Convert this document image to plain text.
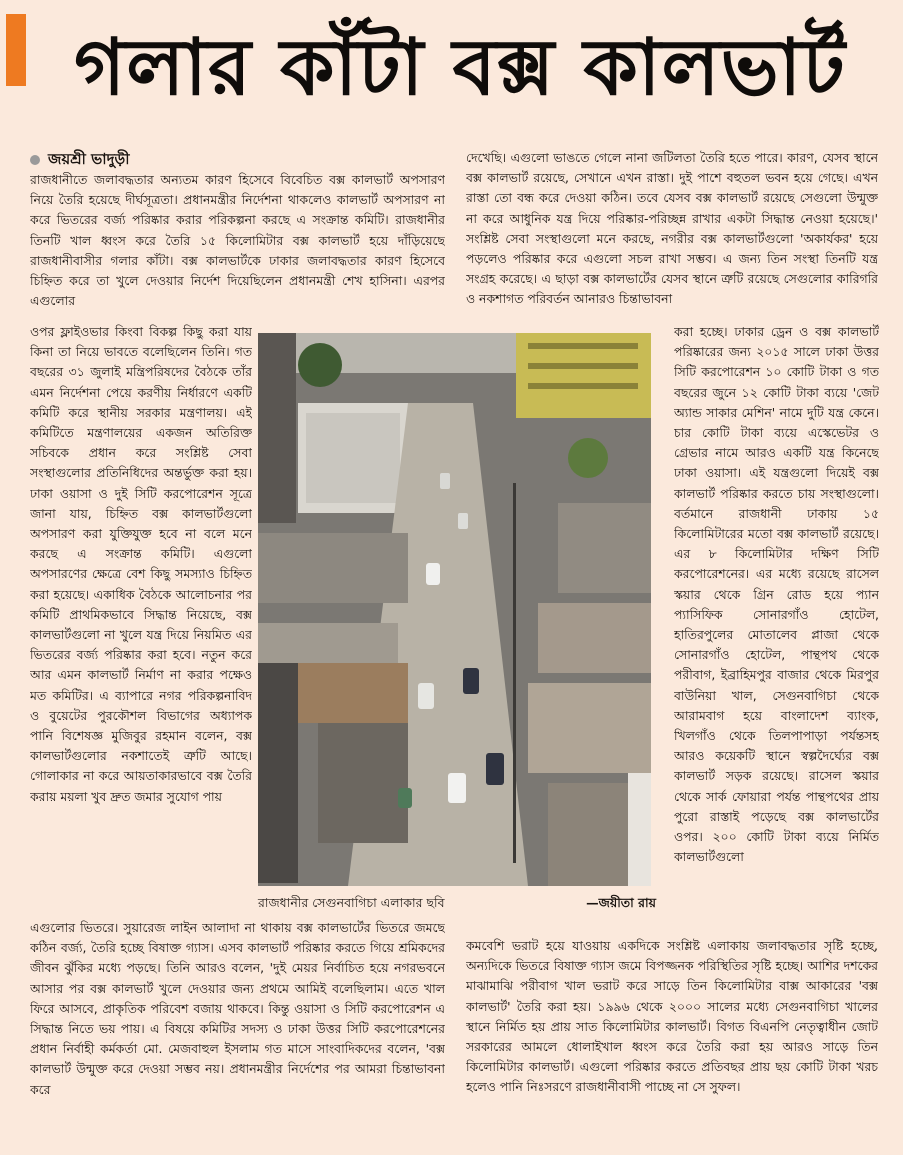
গলার কাঁটা বক্স কালভার্ট
জয়শ্রী ভাদুড়ী

রাজধানীতে জলাবদ্ধতার অন্যতম কারণ হিসেবে বিবেচিত বক্স কালভার্ট অপসারণ নিয়ে তৈরি হয়েছে দীর্ঘসূত্রতা। প্রধানমন্ত্রীর নির্দেশনা থাকলেও কালভার্ট অপসারণ না করে ভিতরের বর্জ্য পরিষ্কার করার পরিকল্পনা করছে এ সংক্রান্ত কমিটি। রাজধানীর তিনটি খাল ধ্বংস করে তৈরি ১৫ কিলোমিটার বক্স কালভার্ট হয়ে দাঁড়িয়েছে রাজধানীবাসীর গলার কাঁটা। বক্স কালভার্টকে ঢাকার জলাবদ্ধতার কারণ হিসেবে চিহ্নিত করে তা খুলে দেওয়ার নির্দেশ দিয়েছিলেন প্রধানমন্ত্রী শেখ হাসিনা। এরপর এগুলোর

ওপর ফ্লাইওভার কিংবা বিকল্প কিছু করা যায় কিনা তা নিয়ে ভাবতে বলেছিলেন তিনি। গত বছরের ৩১ জুলাই মন্ত্রিপরিষদের বৈঠকে তাঁর এমন নির্দেশনা পেয়ে করণীয় নির্ধারণে একটি কমিটি করে স্থানীয় সরকার মন্ত্রণালয়। এই কমিটিতে মন্ত্রণালয়ের একজন অতিরিক্ত সচিবকে প্রধান করে সংশ্লিষ্ট সেবা সংস্থাগুলোর প্রতিনিধিদের অন্তর্ভুক্ত করা হয়। ঢাকা ওয়াসা ও দুই সিটি করপোরেশন সূত্রে জানা যায়, চিহ্নিত বক্স কালভার্টগুলো অপসারণ করা যুক্তিযুক্ত হবে না বলে মনে করছে এ সংক্রান্ত কমিটি। এগুলো অপসারণের ক্ষেত্রে বেশ কিছু সমস্যাও চিহ্নিত করা হয়েছে। একাধিক বৈঠকে আলোচনার পর কমিটি প্রাথমিকভাবে সিদ্ধান্ত নিয়েছে, বক্স কালভার্টগুলো না খুলে যন্ত্র দিয়ে নিয়মিত এর ভিতরের বর্জ্য পরিষ্কার করা হবে। নতুন করে আর এমন কালভার্ট নির্মাণ না করার পক্ষেও মত কমিটির। এ ব্যাপারে নগর পরিকল্পনাবিদ ও বুয়েটের পুরকৌশল বিভাগের অধ্যাপক পানি বিশেষজ্ঞ মুজিবুর রহমান বলেন, বক্স কালভার্টগুলোর নকশাতেই ত্রুটি আছে। গোলাকার না করে আয়তাকারভাবে বক্স তৈরি করায় ময়লা খুব দ্রুত জমার সুযোগ পায়

এগুলোর ভিতরে। সুয়ারেজ লাইন আলাদা না থাকায় বক্স কালভার্টের ভিতরে জমছে কঠিন বর্জ্য, তৈরি হচ্ছে বিষাক্ত গ্যাস। এসব কালভার্ট পরিষ্কার করতে গিয়ে শ্রমিকদের জীবন ঝুঁকির মধ্যে পড়ছে। তিনি আরও বলেন, 'দুই মেয়র নির্বাচিত হয়ে নগরভবনে আসার পর বক্স কালভার্ট খুলে দেওয়ার জন্য প্রথমে আমিই বলেছিলাম। এতে খাল ফিরে আসবে, প্রাকৃতিক পরিবেশ বজায় থাকবে। কিন্তু ওয়াসা ও সিটি করপোরেশন এ সিদ্ধান্ত নিতে ভয় পায়। এ বিষয়ে কমিটির সদস্য ও ঢাকা উত্তর সিটি করপোরেশনের প্রধান নির্বাহী কর্মকর্তা মো. মেজবাহুল ইসলাম গত মাসে সাংবাদিকদের বলেন, 'বক্স কালভার্ট উন্মুক্ত করে দেওয়া সম্ভব নয়। প্রধানমন্ত্রীর নির্দেশের পর আমরা চিন্তাভাবনা করে

দেখেছি। এগুলো ভাঙতে গেলে নানা জটিলতা তৈরি হতে পারে। কারণ, যেসব স্থানে বক্স কালভার্ট রয়েছে, সেখানে এখন রাস্তা। দুই পাশে বহুতল ভবন হয়ে গেছে। এখন রাস্তা তো বন্ধ করে দেওয়া কঠিন। তবে যেসব বক্স কালভার্ট রয়েছে সেগুলো উন্মুক্ত না করে আধুনিক যন্ত্র দিয়ে পরিষ্কার-পরিচ্ছন্ন রাখার একটা সিদ্ধান্ত নেওয়া হয়েছে।' সংশ্লিষ্ট সেবা সংস্থাগুলো মনে করছে, নগরীর বক্স কালভার্টগুলো 'অকার্যকর' হয়ে পড়লেও পরিষ্কার করে এগুলো সচল রাখা সম্ভব। এ জন্য তিন সংস্থা তিনটি যন্ত্র সংগ্রহ করেছে। এ ছাড়া বক্স কালভার্টের যেসব স্থানে ত্রুটি রয়েছে সেগুলোর কারিগরি ও নকশাগত পরিবর্তন আনারও চিন্তাভাবনা

করা হচ্ছে। ঢাকার ড্রেন ও বক্স কালভার্ট পরিষ্কারের জন্য ২০১৫ সালে ঢাকা উত্তর সিটি করপোরেশন ১০ কোটি টাকা ও গত বছরের জুনে ১২ কোটি টাকা ব্যয়ে 'জেট অ্যান্ড সাকার মেশিন' নামে দুটি যন্ত্র কেনে। চার কোটি টাকা ব্যয়ে এস্কেভেটর ও গ্রেভার নামে আরও একটি যন্ত্র কিনেছে ঢাকা ওয়াসা। এই যন্ত্রগুলো দিয়েই বক্স কালভার্ট পরিষ্কার করতে চায় সংস্থাগুলো। বর্তমানে রাজধানী ঢাকায় ১৫ কিলোমিটারের মতো বক্স কালভার্ট রয়েছে। এর ৮ কিলোমিটার দক্ষিণ সিটি করপোরেশনের। এর মধ্যে রয়েছে রাসেল স্কয়ার থেকে গ্রিন রোড হয়ে প্যান প্যাসিফিক সোনারগাঁও হোটেল, হাতিরপুলের মোতালেব প্লাজা থেকে সোনারগাঁও হোটেল, পান্থপথ থেকে পরীবাগ, ইব্রাহিমপুর বাজার থেকে মিরপুর বাউনিয়া খাল, সেগুনবাগিচা থেকে আরামবাগ হয়ে বাংলাদেশ ব্যাংক, খিলগাঁও থেকে তিলপাপাড়া পর্যন্তসহ আরও কয়েকটি স্থানে স্বল্পদৈর্ঘ্যের বক্স কালভার্ট সড়ক রয়েছে। রাসেল স্কয়ার থেকে সার্ক ফোয়ারা পর্যন্ত পান্থপথের প্রায় পুরো রাস্তাই পড়েছে বক্স কালভার্টের ওপর। ২০০ কোটি টাকা ব্যয়ে নির্মিত কালভার্টগুলো

কমবেশি ভরাট হয়ে যাওয়ায় একদিকে সংশ্লিষ্ট এলাকায় জলাবদ্ধতার সৃষ্টি হচ্ছে, অন্যদিকে ভিতরে বিষাক্ত গ্যাস জমে বিপজ্জনক পরিস্থিতির সৃষ্টি হচ্ছে। আশির দশকের মাঝামাঝি পরীবাগ খাল ভরাট করে সাড়ে তিন কিলোমিটার বাক্স আকারের 'বক্স কালভার্ট' তৈরি করা হয়। ১৯৯৬ থেকে ২০০০ সালের মধ্যে সেগুনবাগিচা খালের স্থানে নির্মিত হয় প্রায় সাত কিলোমিটার কালভার্ট। বিগত বিএনপি নেতৃত্বাধীন জোট সরকারের আমলে ধোলাইখাল ধ্বংস করে তৈরি করা হয় আরও সাড়ে তিন কিলোমিটার কালভার্ট। এগুলো পরিষ্কার করতে প্রতিবছর প্রায় ছয় কোটি টাকা খরচ হলেও পানি নিঃসরণে রাজধানীবাসী পাচ্ছে না সে সুফল।

রাজধানীর সেগুনবাগিচা এলাকার ছবি	—জয়ীতা রায়
